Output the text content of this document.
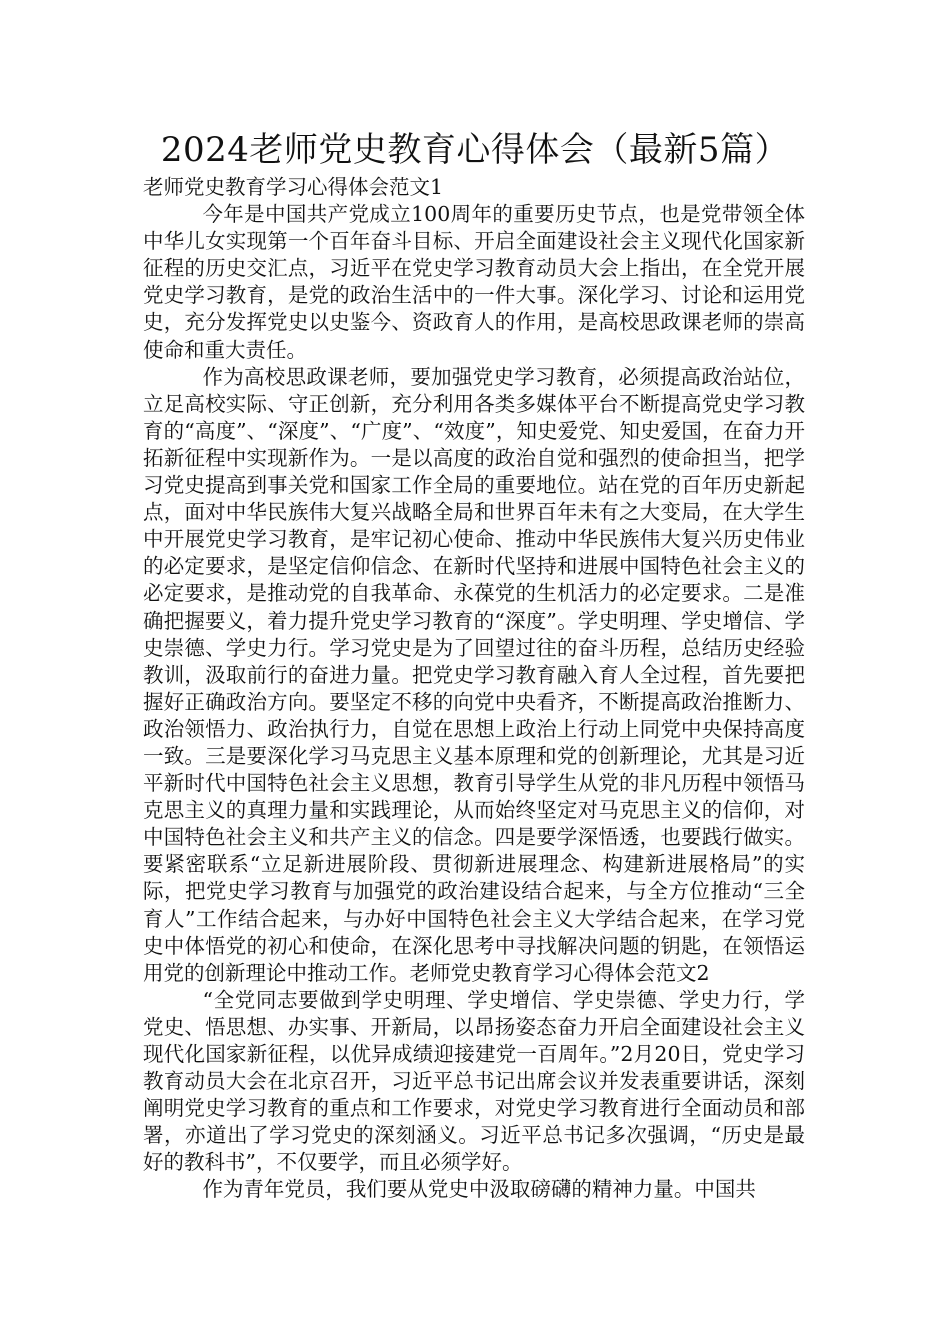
2024老师党史教育心得体会（最新5篇）

老师党史教育学习心得体会范文1

今年是中国共产党成立100周年的重要历史节点，也是党带领全体中华儿女实现第一个百年奋斗目标、开启全面建设社会主义现代化国家新征程的历史交汇点，习近平在党史学习教育动员大会上指出，在全党开展党史学习教育，是党的政治生活中的一件大事。深化学习、讨论和运用党史，充分发挥党史以史鉴今、资政育人的作用，是高校思政课老师的崇高使命和重大责任。

作为高校思政课老师，要加强党史学习教育，必须提高政治站位，立足高校实际、守正创新，充分利用各类多媒体平台不断提高党史学习教育的“高度”、“深度”、“广度”、“效度”，知史爱党、知史爱国，在奋力开拓新征程中实现新作为。一是以高度的政治自觉和强烈的使命担当，把学习党史提高到事关党和国家工作全局的重要地位。站在党的百年历史新起点，面对中华民族伟大复兴战略全局和世界百年未有之大变局，在大学生中开展党史学习教育，是牢记初心使命、推动中华民族伟大复兴历史伟业的必定要求，是坚定信仰信念、在新时代坚持和进展中国特色社会主义的必定要求，是推动党的自我革命、永葆党的生机活力的必定要求。二是准确把握要义，着力提升党史学习教育的“深度”。学史明理、学史增信、学史崇德、学史力行。学习党史是为了回望过往的奋斗历程，总结历史经验教训，汲取前行的奋进力量。把党史学习教育融入育人全过程，首先要把握好正确政治方向。要坚定不移的向党中央看齐，不断提高政治推断力、政治领悟力、政治执行力，自觉在思想上政治上行动上同党中央保持高度一致。三是要深化学习马克思主义基本原理和党的创新理论，尤其是习近平新时代中国特色社会主义思想，教育引导学生从党的非凡历程中领悟马克思主义的真理力量和实践理论，从而始终坚定对马克思主义的信仰，对中国特色社会主义和共产主义的信念。四是要学深悟透，也要践行做实。要紧密联系“立足新进展阶段、贯彻新进展理念、构建新进展格局”的实际，把党史学习教育与加强党的政治建设结合起来，与全方位推动“三全育人”工作结合起来，与办好中国特色社会主义大学结合起来，在学习党史中体悟党的初心和使命，在深化思考中寻找解决问题的钥匙，在领悟运用党的创新理论中推动工作。老师党史教育学习心得体会范文2

“全党同志要做到学史明理、学史增信、学史崇德、学史力行，学党史、悟思想、办实事、开新局，以昂扬姿态奋力开启全面建设社会主义现代化国家新征程，以优异成绩迎接建党一百周年。”2月20日，党史学习教育动员大会在北京召开，习近平总书记出席会议并发表重要讲话，深刻阐明党史学习教育的重点和工作要求，对党史学习教育进行全面动员和部署，亦道出了学习党史的深刻涵义。习近平总书记多次强调，“历史是最好的教科书”，不仅要学，而且必须学好。

作为青年党员，我们要从党史中汲取磅礴的精神力量。中国共
